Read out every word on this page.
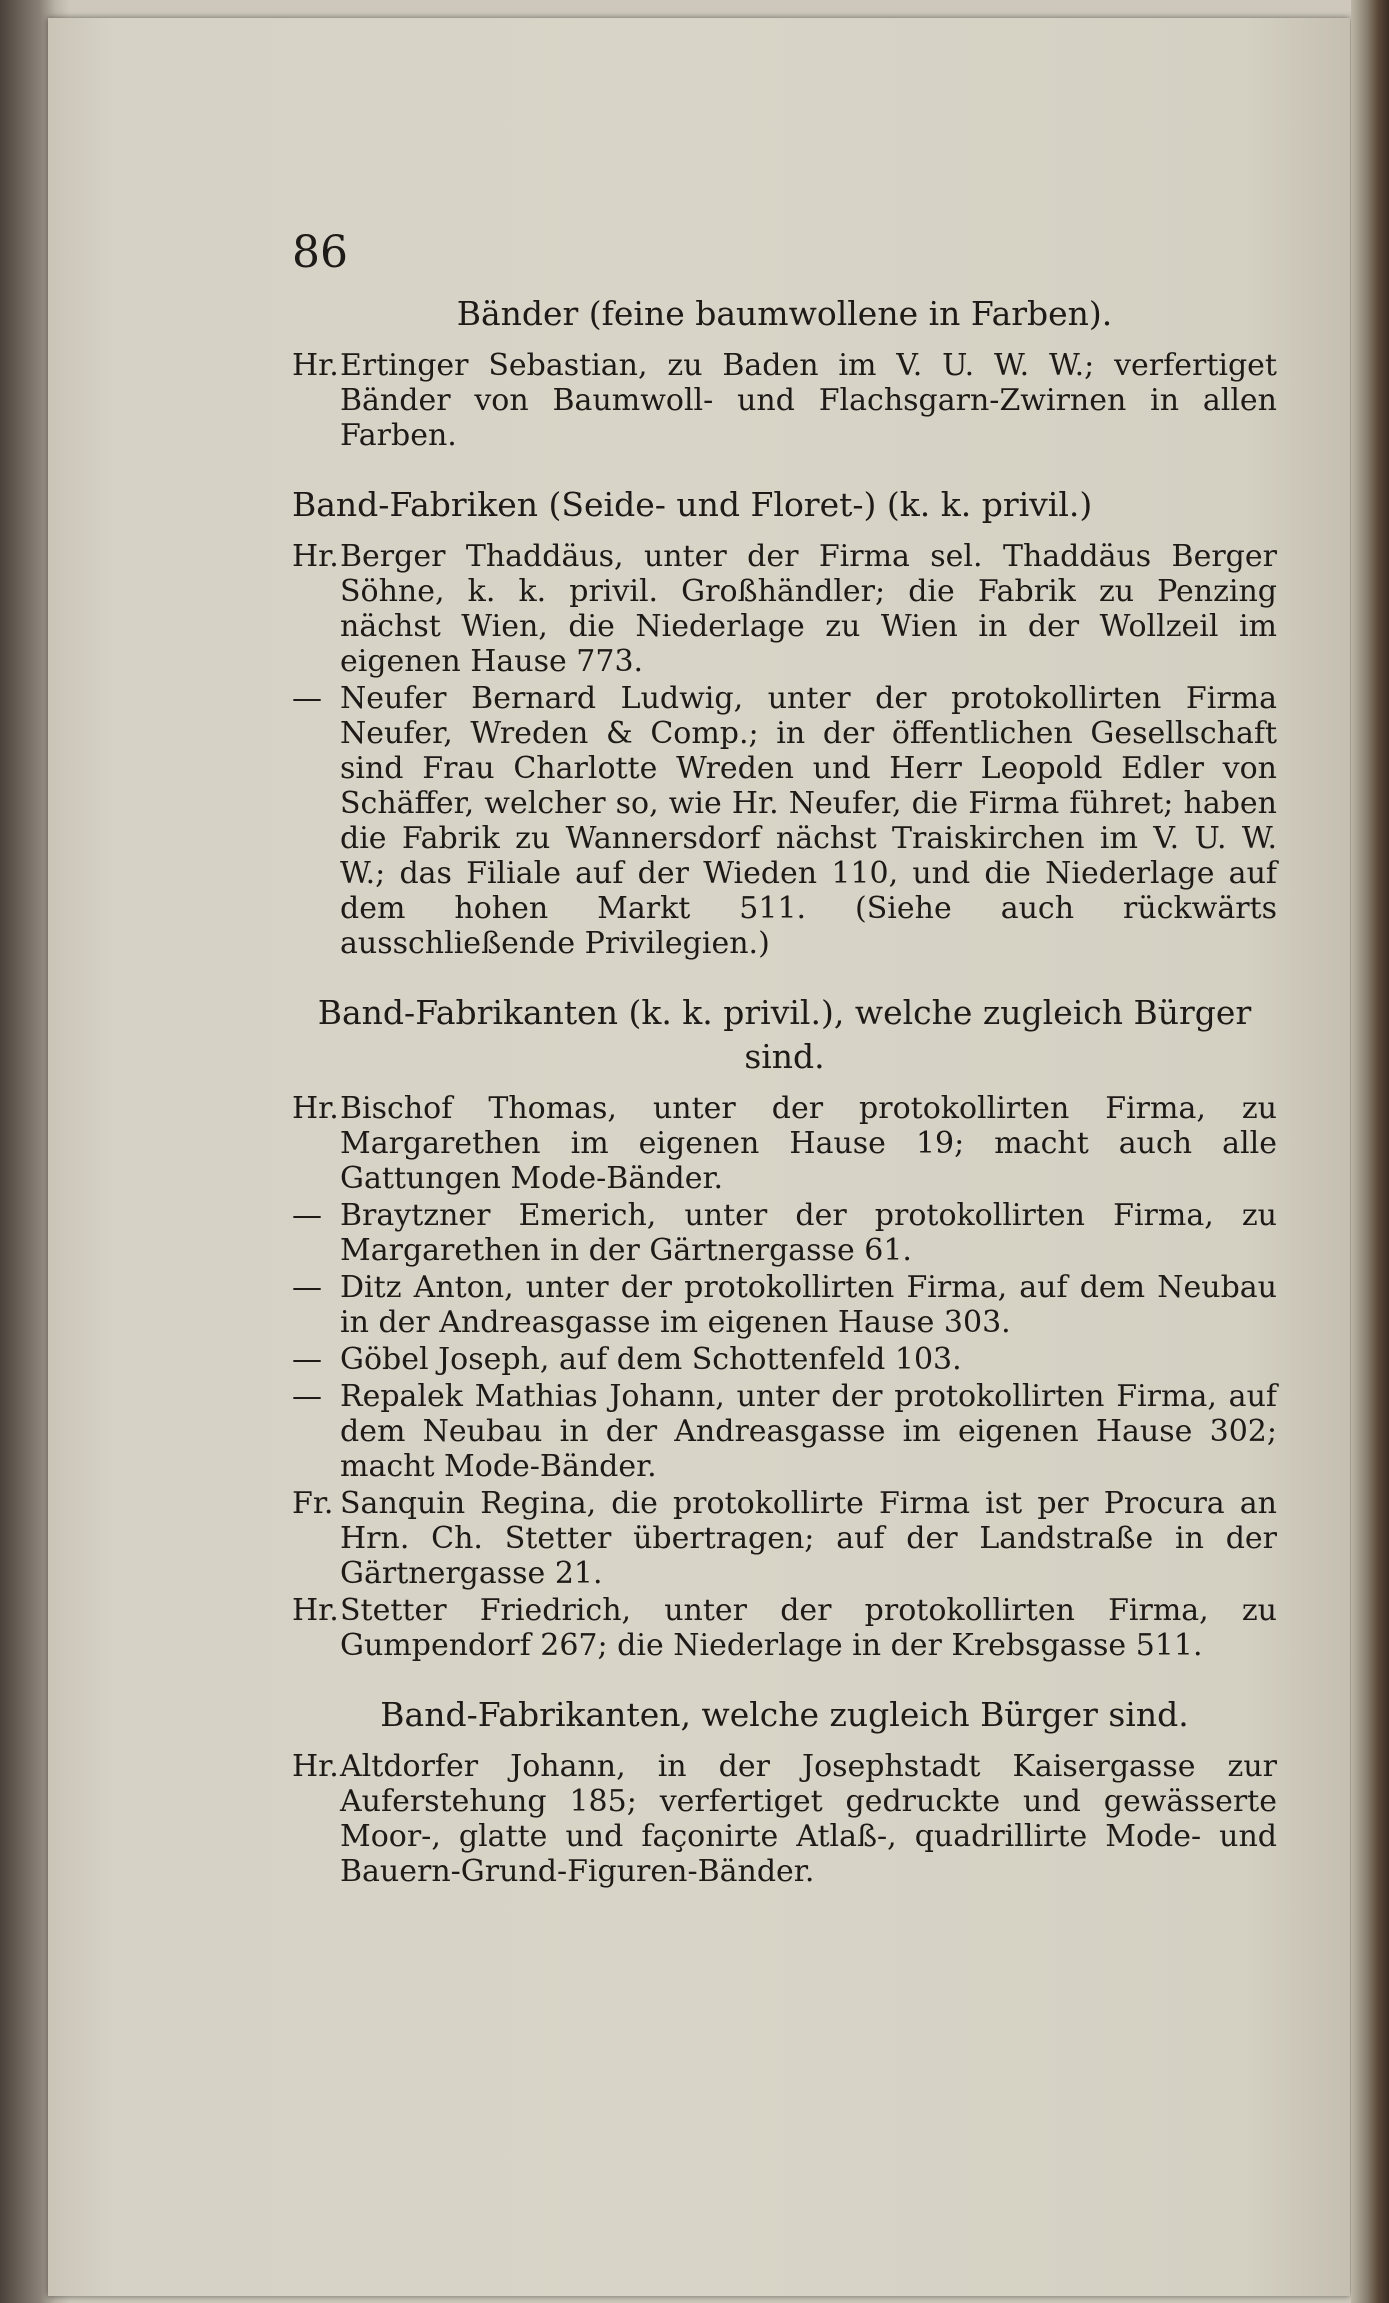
86
Bänder (feine baumwollene in Farben).

Hr.Ertinger Sebastian, zu Baden im V. U. W. W.; verfertiget Bänder von Baumwoll- und Flachsgarn-Zwirnen in allen Farben.

Band-Fabriken (Seide- und Floret-) (k. k. privil.)

Hr.Berger Thaddäus, unter der Firma sel. Thaddäus Berger Söhne, k. k. privil. Großhändler; die Fabrik zu Penzing nächst Wien, die Niederlage zu Wien in der Wollzeil im eigenen Hause 773.

— Neufer Bernard Ludwig, unter der protokollirten Firma Neufer, Wreden & Comp.; in der öffentlichen Gesellschaft sind Frau Charlotte Wreden und Herr Leopold Edler von Schäffer, welcher so, wie Hr. Neufer, die Firma führet; haben die Fabrik zu Wannersdorf nächst Traiskirchen im V. U. W. W.; das Filiale auf der Wieden 110, und die Niederlage auf dem hohen Markt 511. (Siehe auch rückwärts ausschließende Privilegien.)

Band-Fabrikanten (k. k. privil.), welche zugleich Bürger sind.

Hr.Bischof Thomas, unter der protokollirten Firma, zu Margarethen im eigenen Hause 19; macht auch alle Gattungen Mode-Bänder.

— Braytzner Emerich, unter der protokollirten Firma, zu Margarethen in der Gärtnergasse 61.

— Ditz Anton, unter der protokollirten Firma, auf dem Neubau in der Andreasgasse im eigenen Hause 303.

— Göbel Joseph, auf dem Schottenfeld 103.

— Repalek Mathias Johann, unter der protokollirten Firma, auf dem Neubau in der Andreasgasse im eigenen Hause 302; macht Mode-Bänder.

Fr. Sanquin Regina, die protokollirte Firma ist per Procura an Hrn. Ch. Stetter übertragen; auf der Landstraße in der Gärtnergasse 21.

Hr.Stetter Friedrich, unter der protokollirten Firma, zu Gumpendorf 267; die Niederlage in der Krebsgasse 511.

Band-Fabrikanten, welche zugleich Bürger sind.

Hr.Altdorfer Johann, in der Josephstadt Kaisergasse zur Auferstehung 185; verfertiget gedruckte und gewässerte Moor-, glatte und façonirte Atlaß-, quadrillirte Mode- und Bauern-Grund-Figuren-Bänder.
